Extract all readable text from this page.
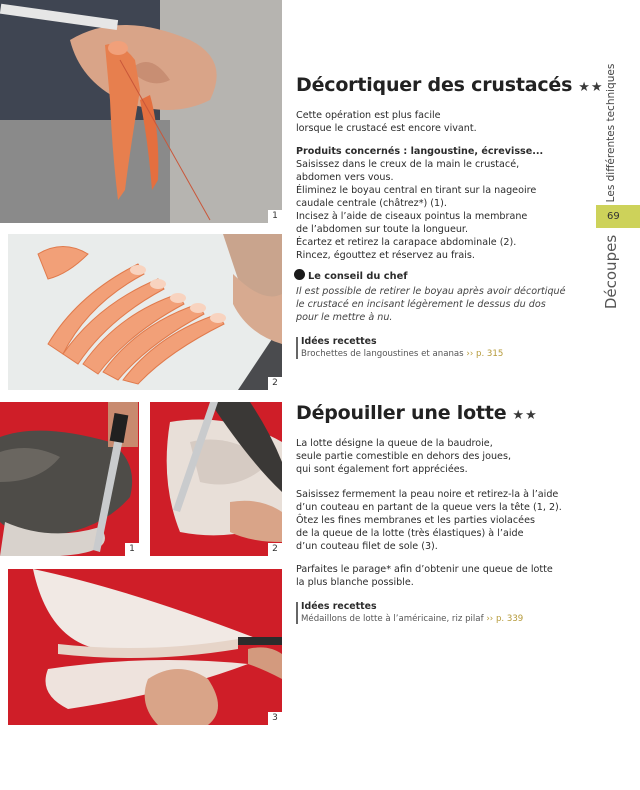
1
2
1	2
3
Décortiquer des crustacés ★★

Cette opération est plus facile

lorsque le crustacé est encore vivant.

Produits concernés : langoustine, écrevisse...

Saisissez dans le creux de la main le crustacé,

abdomen vers vous.

Éliminez le boyau central en tirant sur la nageoire

caudale centrale (châtrez*) (1).

Incisez à l’aide de ciseaux pointus la membrane

de l’abdomen sur toute la longueur.

Écartez et retirez la carapace abdominale (2).

Rincez, égouttez et réservez au frais.

Le conseil du chef

Il est possible de retirer le boyau après avoir décortiqué

le crustacé en incisant légèrement le dessus du dos

pour le mettre à nu.

Idées recettes
Brochettes de langoustines et ananas ›› p. 315
Dépouiller une lotte ★★

La lotte désigne la queue de la baudroie,

seule partie comestible en dehors des joues,

qui sont également fort appréciées.

Saisissez fermement la peau noire et retirez-la à l’aide

d’un couteau en partant de la queue vers la tête (1, 2).

Ôtez les fines membranes et les parties violacées

de la queue de la lotte (très élastiques) à l’aide

d’un couteau filet de sole (3).

Parfaites le parage* afin d’obtenir une queue de lotte

la plus blanche possible.

Idées recettes
Médaillons de lotte à l’américaine, riz pilaf ›› p. 339
Les différentes techniques
69
Découpes
